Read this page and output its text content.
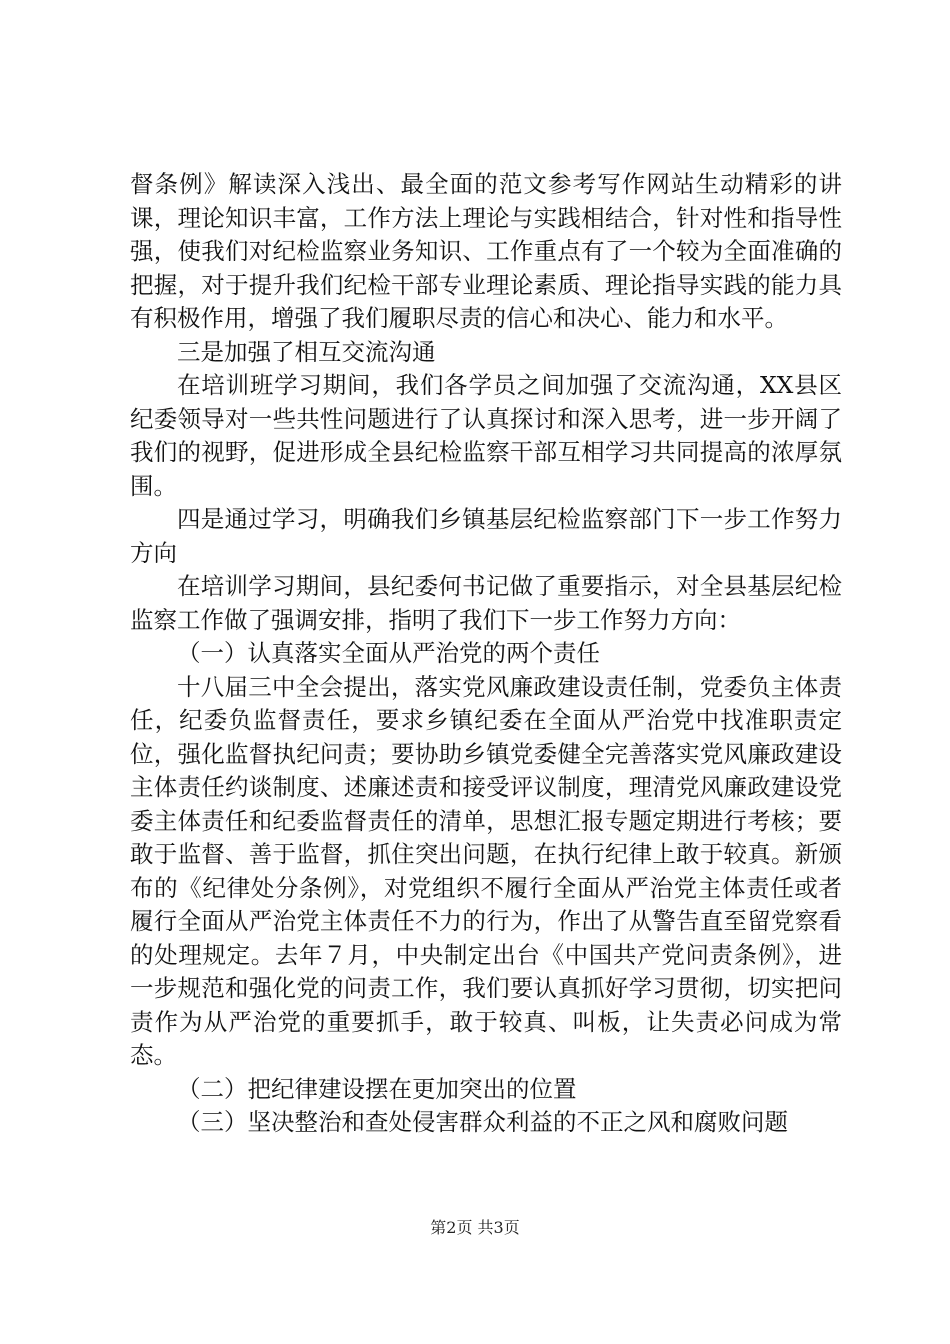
督条例》解读深入浅出、最全面的范文参考写作网站生动精彩的讲课，理论知识丰富，工作方法上理论与实践相结合，针对性和指导性强，使我们对纪检监察业务知识、工作重点有了一个较为全面准确的把握，对于提升我们纪检干部专业理论素质、理论指导实践的能力具有积极作用，增强了我们履职尽责的信心和决心、能力和水平。

三是加强了相互交流沟通

在培训班学习期间，我们各学员之间加强了交流沟通，XX县区纪委领导对一些共性问题进行了认真探讨和深入思考，进一步开阔了我们的视野，促进形成全县纪检监察干部互相学习共同提高的浓厚氛围。

四是通过学习，明确我们乡镇基层纪检监察部门下一步工作努力方向

在培训学习期间，县纪委何书记做了重要指示，对全县基层纪检监察工作做了强调安排，指明了我们下一步工作努力方向：

（一）认真落实全面从严治党的两个责任

十八届三中全会提出，落实党风廉政建设责任制，党委负主体责任，纪委负监督责任，要求乡镇纪委在全面从严治党中找准职责定位，强化监督执纪问责；要协助乡镇党委健全完善落实党风廉政建设主体责任约谈制度、述廉述责和接受评议制度，理清党风廉政建设党委主体责任和纪委监督责任的清单，思想汇报专题定期进行考核；要敢于监督、善于监督，抓住突出问题，在执行纪律上敢于较真。新颁布的《纪律处分条例》，对党组织不履行全面从严治党主体责任或者履行全面从严治党主体责任不力的行为，作出了从警告直至留党察看的处理规定。去年７月，中央制定出台《中国共产党问责条例》，进一步规范和强化党的问责工作，我们要认真抓好学习贯彻，切实把问责作为从严治党的重要抓手，敢于较真、叫板，让失责必问成为常态。

（二）把纪律建设摆在更加突出的位置

（三）坚决整治和查处侵害群众利益的不正之风和腐败问题

第2页 共3页
